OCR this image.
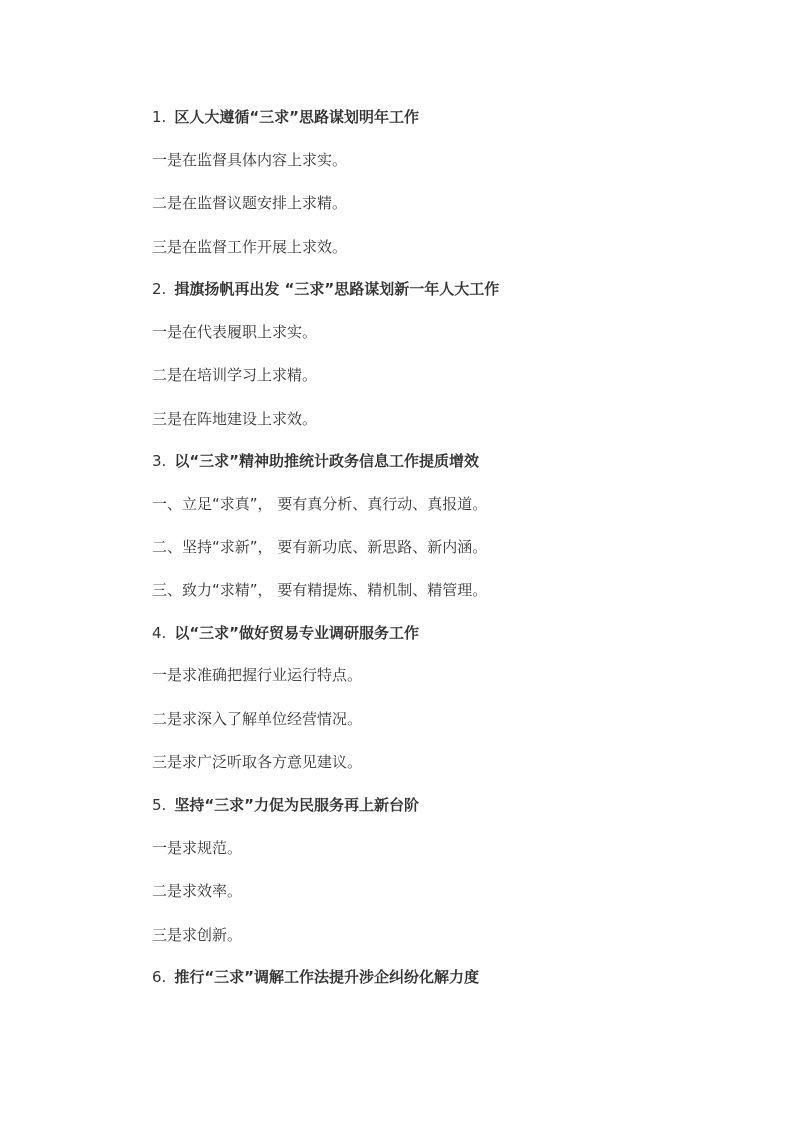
1. 区人大遵循“三求”思路谋划明年工作
一是在监督具体内容上求实。
二是在监督议题安排上求精。
三是在监督工作开展上求效。
2. 揖旗扬帆再出发 “三求”思路谋划新一年人大工作
一是在代表履职上求实。
二是在培训学习上求精。
三是在阵地建设上求效。
3. 以“三求”精神助推统计政务信息工作提质增效
一、立足“求真”， 要有真分析、真行动、真报道。
二、坚持“求新”， 要有新功底、新思路、新内涵。
三、致力“求精”， 要有精提炼、精机制、精管理。
4. 以“三求”做好贸易专业调研服务工作
一是求准确把握行业运行特点。
二是求深入了解单位经营情况。
三是求广泛听取各方意见建议。
5. 坚持“三求”力促为民服务再上新台阶
一是求规范。
二是求效率。
三是求创新。
6. 推行“三求”调解工作法提升涉企纠纷化解力度
